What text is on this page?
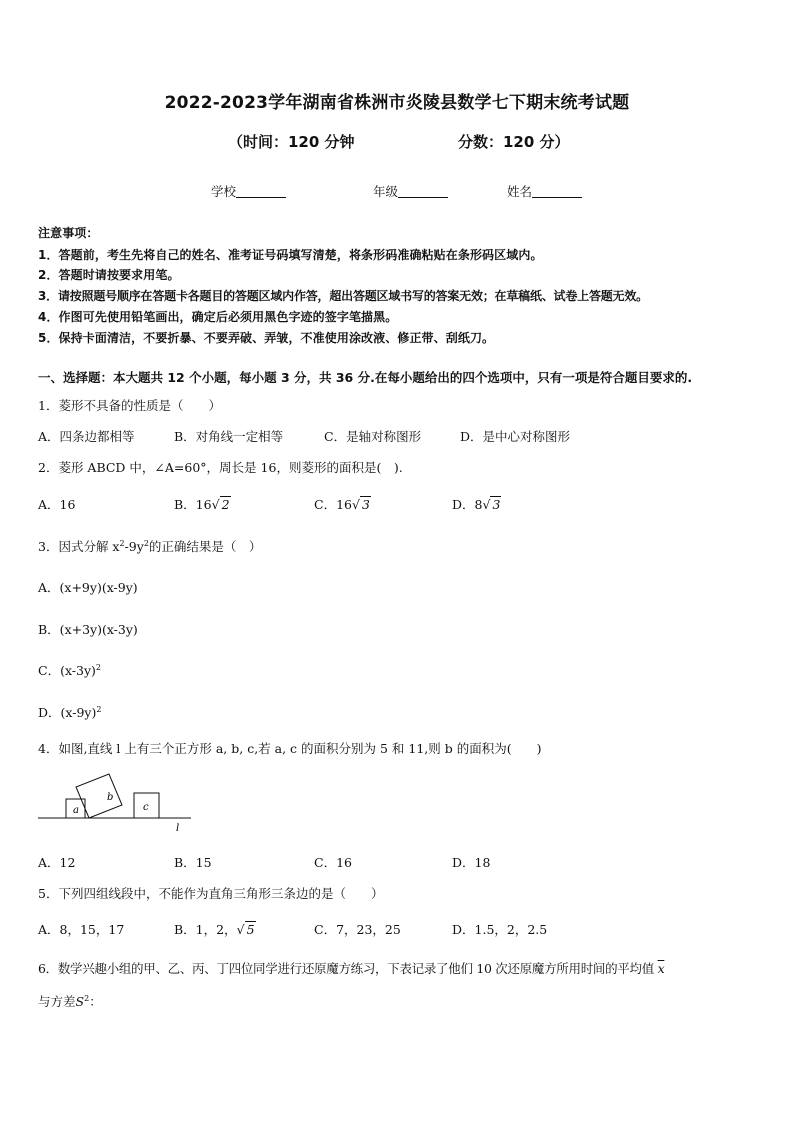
2022-2023学年湖南省株洲市炎陵县数学七下期末统考试题
（时间：120 分钟	分数：120 分）
学校	年级	姓名
注意事项：
1．答题前，考生先将自己的姓名、准考证号码填写清楚，将条形码准确粘贴在条形码区域内。
2．答题时请按要求用笔。
3．请按照题号顺序在答题卡各题目的答题区域内作答，超出答题区域书写的答案无效；在草稿纸、试卷上答题无效。
4．作图可先使用铅笔画出，确定后必须用黑色字迹的签字笔描黑。
5．保持卡面清洁，不要折暴、不要弄破、弄皱，不准使用涂改液、修正带、刮纸刀。
一、选择题：本大题共 12 个小题，每小题 3 分，共 36 分.在每小题给出的四个选项中，只有一项是符合题目要求的.
1．菱形不具备的性质是（　　）
A．四条边都相等	B．对角线一定相等	C．是轴对称图形	D．是中心对称图形
2．菱形 ABCD 中，∠A=60°，周长是 16，则菱形的面积是(　).
A．16	B．16√ 2	C．16√ 3	D．8√ 3
3．因式分解 $x^2-9y^2$的正确结果是（　）
A．(x+9y)(x-9y)
B．(x+3y)(x-3y)
C．$(x-3y)^2$
D．$(x-9y)^2$
4．如图,直线 l 上有三个正方形 a, b, c,若 a, c 的面积分别为 5 和 11,则 b 的面积为(　　)
a
b
c
l
A．12	B．15	C．16	D．18
5．下列四组线段中，不能作为直角三角形三条边的是（　　）
A．8，15，17	B．1，2，√ 5	C．7，23，25	D．1.5，2，2.5
6．数学兴趣小组的甲、乙、丙、丁四位同学进行还原魔方练习，下表记录了他们 10 次还原魔方所用时间的平均值 $\overline{x}$
与方差$S^2$：
